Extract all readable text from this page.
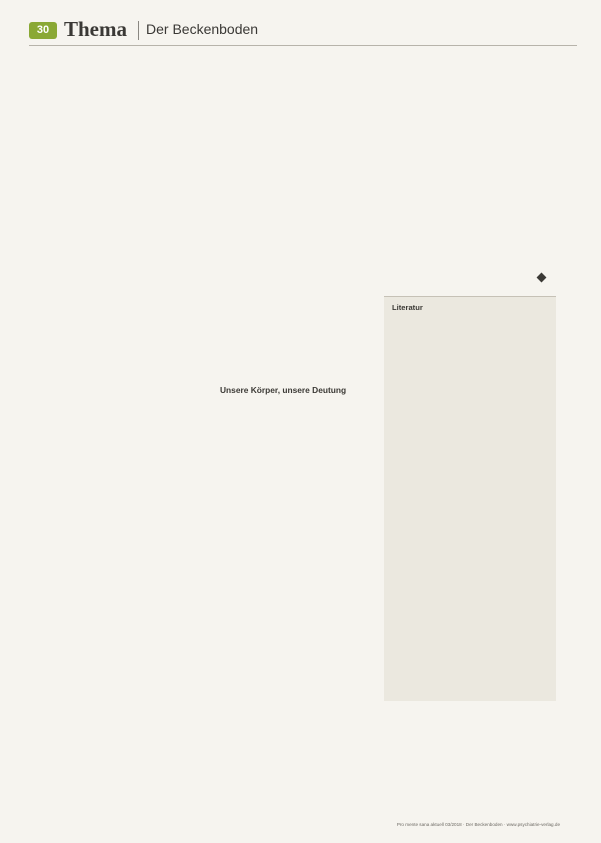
30 Thema Der Beckenboden
Unsere Körper, unsere Deutung
Literatur
Pro mente sana aktuell 03/2018 · Der Beckenboden · www.psychiatrie-verlag.de
